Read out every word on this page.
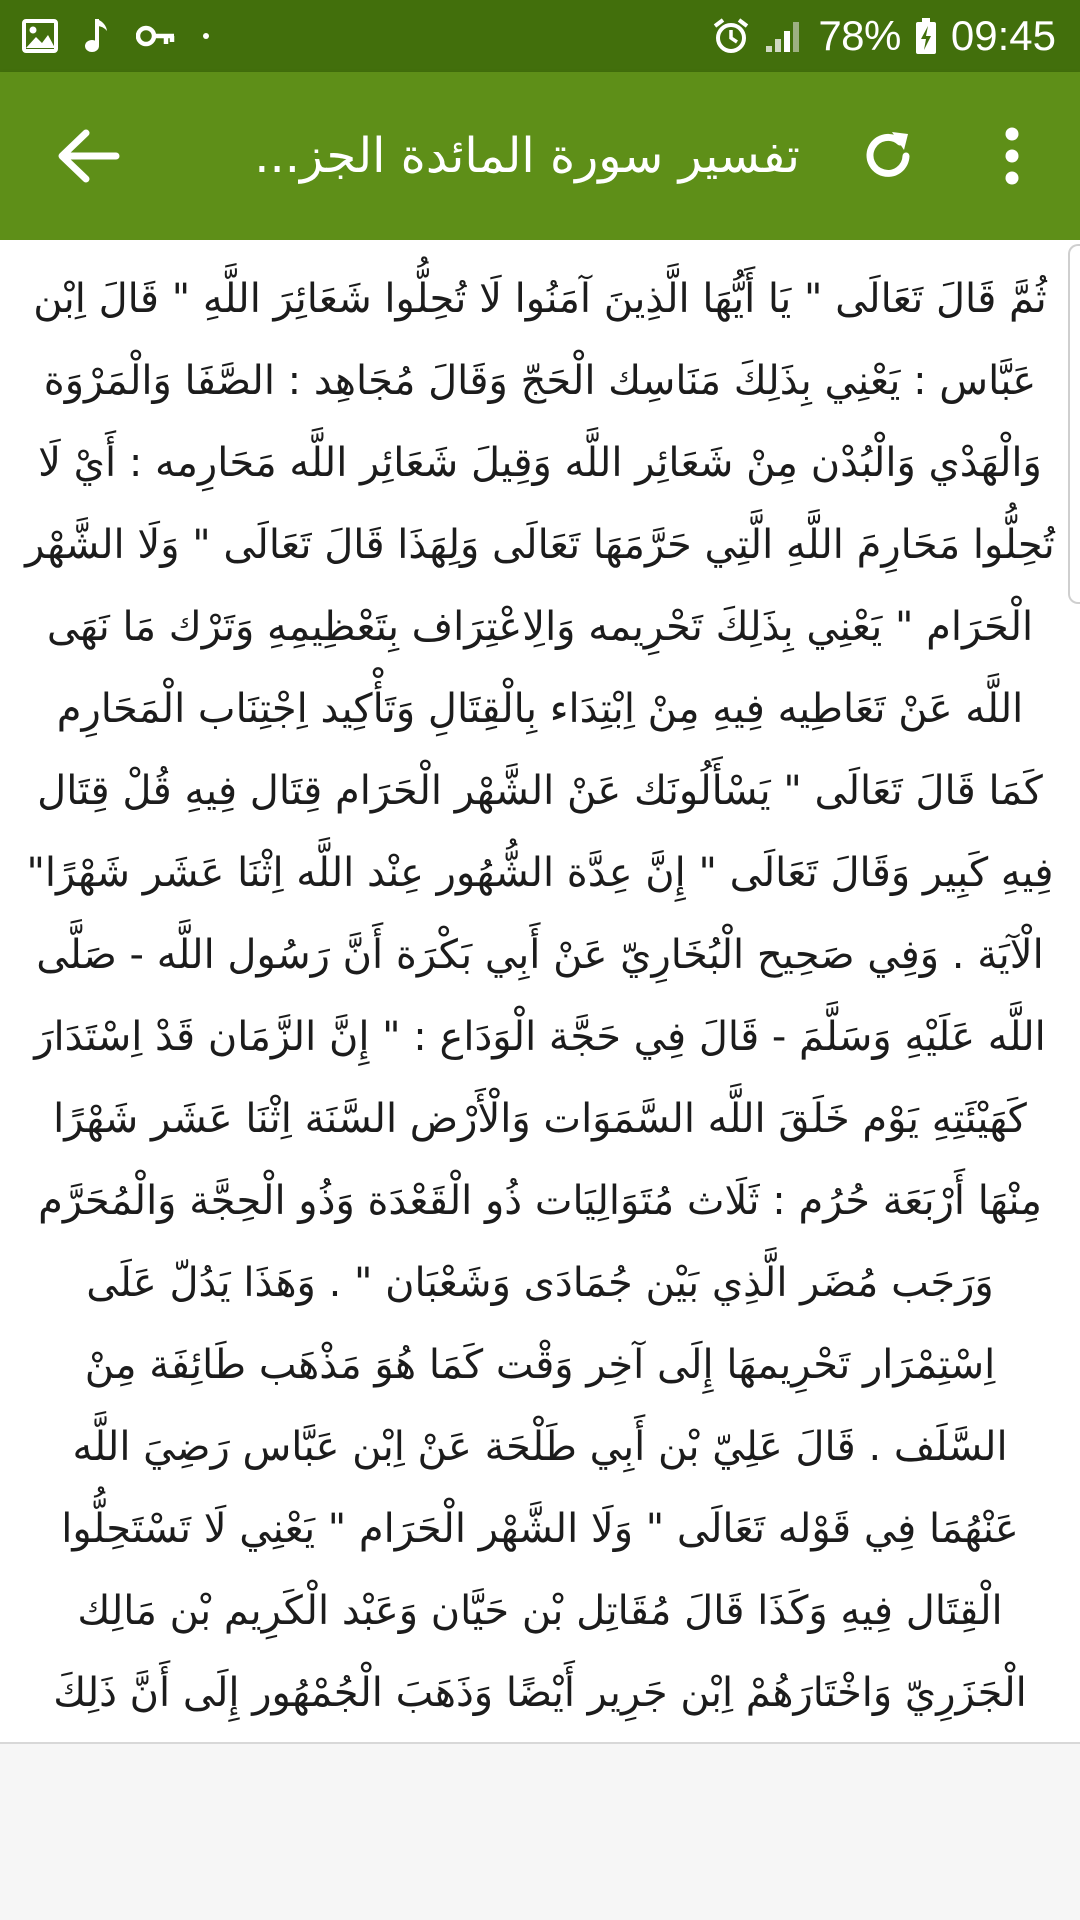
78% 09:45
تفسير سورة المائدة الجز...

ثُمَّ قَالَ تَعَالَى " يَا أَيُّهَا الَّذِينَ آمَنُوا لَا تُحِلُّوا شَعَائِرَ اللَّهِ " قَالَ اِبْن عَبَّاس : يَعْنِي بِذَلِكَ مَنَاسِك الْحَجّ وَقَالَ مُجَاهِد : الصَّفَا وَالْمَرْوَة وَالْهَدْي وَالْبُدْن مِنْ شَعَائِر اللَّه وَقِيلَ شَعَائِر اللَّه مَحَارِمه : أَيْ لَا تُحِلُّوا مَحَارِمَ اللَّهِ الَّتِي حَرَّمَهَا تَعَالَى وَلِهَذَا قَالَ تَعَالَى " وَلَا الشَّهْر الْحَرَام " يَعْنِي بِذَلِكَ تَحْرِيمه وَالِاعْتِرَاف بِتَعْظِيمِهِ وَتَرْك مَا نَهَى اللَّه عَنْ تَعَاطِيه فِيهِ مِنْ اِبْتِدَاء بِالْقِتَالِ وَتَأْكِيد اِجْتِنَاب الْمَحَارِم كَمَا قَالَ تَعَالَى " يَسْأَلُونَك عَنْ الشَّهْر الْحَرَام قِتَال فِيهِ قُلْ قِتَال فِيهِ كَبِير وَقَالَ تَعَالَى " إِنَّ عِدَّة الشُّهُور عِنْد اللَّه اِثْنَا عَشَر شَهْرًا" الْآيَة . وَفِي صَحِيح الْبُخَارِيّ عَنْ أَبِي بَكْرَة أَنَّ رَسُول اللَّه - صَلَّى اللَّه عَلَيْهِ وَسَلَّمَ - قَالَ فِي حَجَّة الْوَدَاع : " إِنَّ الزَّمَان قَدْ اِسْتَدَارَ كَهَيْئَتِهِ يَوْم خَلَقَ اللَّه السَّمَوَات وَالْأَرْض السَّنَة اِثْنَا عَشَر شَهْرًا مِنْهَا أَرْبَعَة حُرُم : ثَلَاث مُتَوَالِيَات ذُو الْقَعْدَة وَذُو الْحِجَّة وَالْمُحَرَّم وَرَجَب مُضَر الَّذِي بَيْن جُمَادَى وَشَعْبَان " . وَهَذَا يَدُلّ عَلَى اِسْتِمْرَار تَحْرِيمهَا إِلَى آخِر وَقْت كَمَا هُوَ مَذْهَب طَائِفَة مِنْ السَّلَف . قَالَ عَلِيّ بْن أَبِي طَلْحَة عَنْ اِبْن عَبَّاس رَضِيَ اللَّه عَنْهُمَا فِي قَوْله تَعَالَى " وَلَا الشَّهْر الْحَرَام " يَعْنِي لَا تَسْتَحِلُّوا الْقِتَال فِيهِ وَكَذَا قَالَ مُقَاتِل بْن حَيَّان وَعَبْد الْكَرِيم بْن مَالِك الْجَزَرِيّ وَاخْتَارَهُمْ اِبْن جَرِير أَيْضًا وَذَهَبَ الْجُمْهُور إِلَى أَنَّ ذَلِكَ
